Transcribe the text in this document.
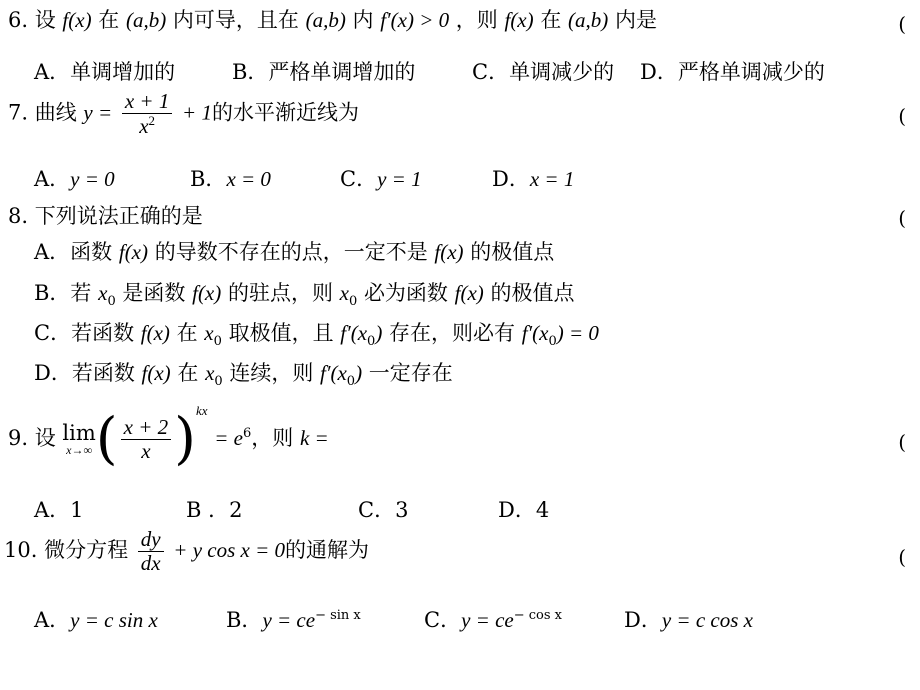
6. 设 f(x) 在 (a,b) 内可导，且在 (a,b) 内 f′(x) > 0 ，则 f(x) 在 (a,b) 内是	(
A．单调增加的	B．严格单调增加的	C．单调减少的 D．严格单调减少的
7. 曲线 $y = \frac{x + 1}{x^2} + 1$的水平渐近线为	(
A．y = 0	B．x = 0	C．y = 1	D．x = 1
8. 下列说法正确的是	(
A．函数 f(x) 的导数不存在的点，一定不是 f(x) 的极值点
B．若 $x_0$ 是函数 f(x) 的驻点，则 $x_0$ 必为函数 f(x) 的极值点
C．若函数 f(x) 在 $x_0$ 取极值，且 $f'(x_0)$ 存在，则必有 $f'(x_0) = 0$
D．若函数 f(x) 在 $x_0$ 连续，则 $f'(x_0)$ 一定存在
9. 设 lim
x→∞ ( $\frac{x + 2}{x} )^{kx} = e^6$，则 k =	(
A．1	B ．2	C．3	D．4
10. 微分方程 $\frac{dy}{dx} + y$ cos x = 0的通解为	(
A．y = c sin x	B．$y = ce^{- sin x}$	C．$y = ce^{- cos x}$	D．y = c cos x
